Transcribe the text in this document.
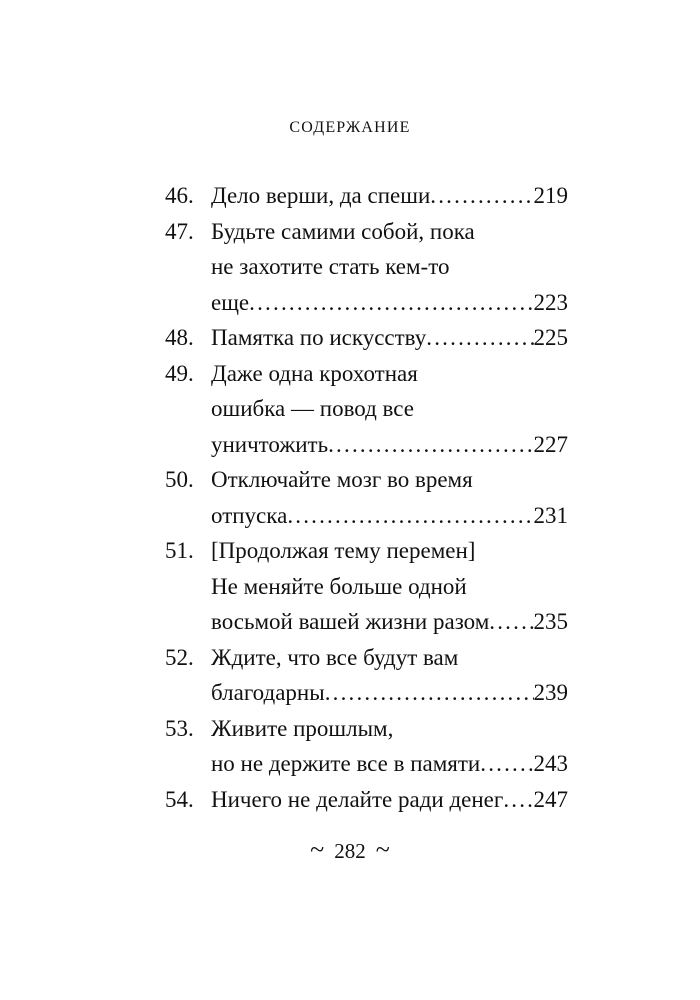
СОДЕРЖАНИЕ
46. Дело верши, да спеши .....	219
47. Будьте самими собой, пока
не захотите стать кем-то
еще .....	223
48. Памятка по искусству .....	225
49. Даже одна крохотная
ошибка — повод все
уничтожить .....	227
50. Отключайте мозг во время
отпуска .....	231
51. [Продолжая тему перемен]
Не меняйте больше одной
восьмой вашей жизни разом ..... 235
52. Ждите, что все будут вам
благодарны .....	239
53. Живите прошлым,
но не держите все в памяти ..... 243
54. Ничего не делайте ради денег ..... 247
~ 282 ~
